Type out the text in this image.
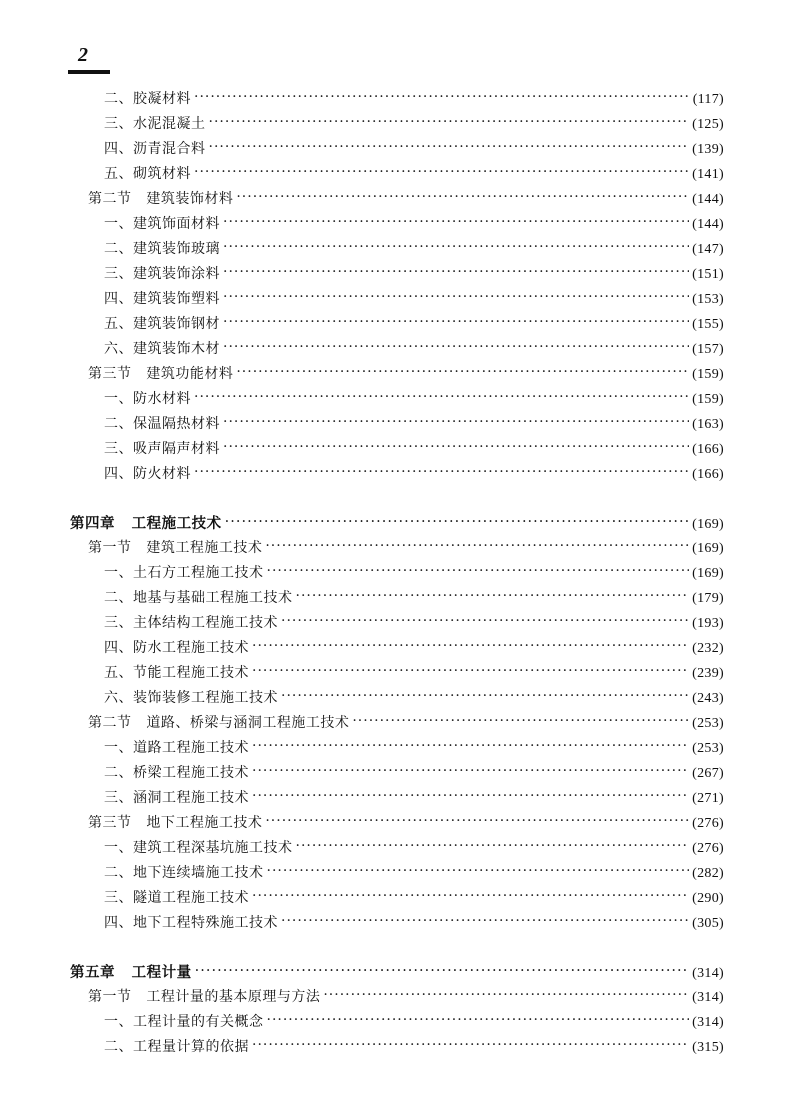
2
二、胶凝材料 ·····	(117)
三、水泥混凝土 ·····	(125)
四、沥青混合料 ·····	(139)
五、砌筑材料 ·····	(141)
第二节   建筑装饰材料 ·····	(144)
一、建筑饰面材料 ·····	(144)
二、建筑装饰玻璃 ·····	(147)
三、建筑装饰涂料 ·····	(151)
四、建筑装饰塑料 ·····	(153)
五、建筑装饰钢材 ·····	(155)
六、建筑装饰木材 ·····	(157)
第三节   建筑功能材料 ·····	(159)
一、防水材料 ·····	(159)
二、保温隔热材料 ·····	(163)
三、吸声隔声材料 ·····	(166)
四、防火材料 ·····	(166)
第四章   工程施工技术 ·····	(169)
第一节   建筑工程施工技术 ·····	(169)
一、土石方工程施工技术 ·····	(169)
二、地基与基础工程施工技术 ·····	(179)
三、主体结构工程施工技术 ·····	(193)
四、防水工程施工技术 ·····	(232)
五、节能工程施工技术 ·····	(239)
六、装饰装修工程施工技术 ·····	(243)
第二节   道路、桥梁与涵洞工程施工技术 ·····	(253)
一、道路工程施工技术 ·····	(253)
二、桥梁工程施工技术 ·····	(267)
三、涵洞工程施工技术 ·····	(271)
第三节   地下工程施工技术 ·····	(276)
一、建筑工程深基坑施工技术 ·····	(276)
二、地下连续墙施工技术 ·····	(282)
三、隧道工程施工技术 ·····	(290)
四、地下工程特殊施工技术 ·····	(305)
第五章   工程计量 ·····	(314)
第一节   工程计量的基本原理与方法 ·····	(314)
一、工程计量的有关概念 ·····	(314)
二、工程量计算的依据 ·····	(315)
